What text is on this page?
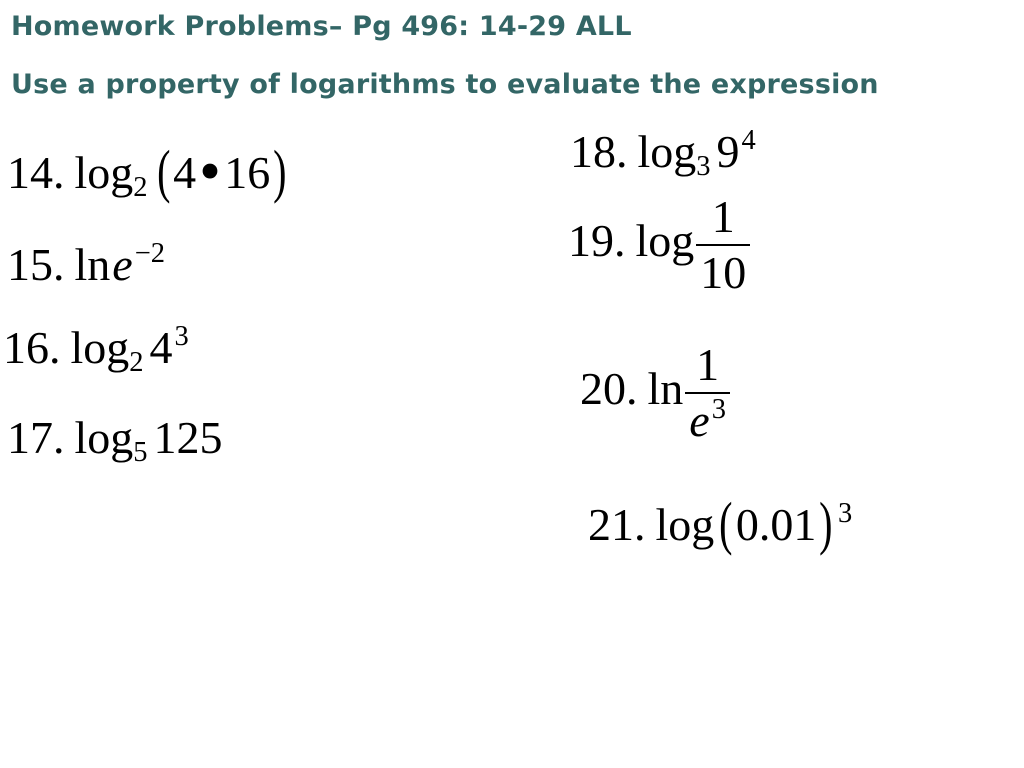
Homework Problems– Pg 496: 14-29 ALL
Use a property of logarithms to evaluate the expression
14. $\log_2$ (4•16)
15. lne$^{-2}$
16. $\log_2 4^3$
17. $\log_5 125$
18. $\log_3 9^4$
19. $\log \frac{1}{10}$
20. $\ln \frac{1}{e^3}$
21. log(0.01) $^3$
